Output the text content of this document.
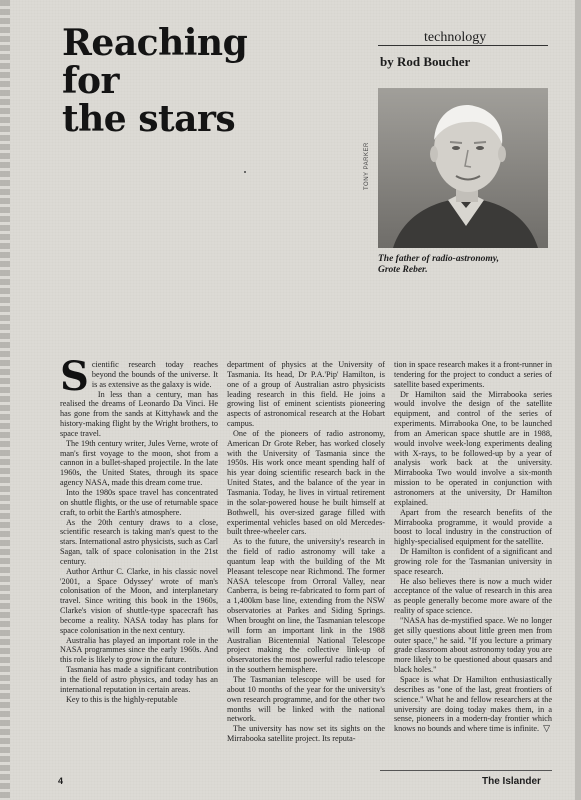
Reaching for
the stars
technology
by Rod Boucher
TONY PARKER
The father of radio-astronomy,
Grote Reber.

Scientific research today reaches beyond the bounds of the universe. It is as extensive as the galaxy is wide.

In less than a century, man has realised the dreams of Leonardo Da Vinci. He has gone from the sands at Kittyhawk and the history-making flight by the Wright brothers, to space travel.

The 19th century writer, Jules Verne, wrote of man's first voyage to the moon, shot from a cannon in a bullet-shaped projectile. In the late 1960s, the United States, through its space agency NASA, made this dream come true.

Into the 1980s space travel has concentrated on shuttle flights, or the use of returnable space craft, to orbit the Earth's atmosphere.

As the 20th century draws to a close, scientific research is taking man's quest to the stars. International astro physicists, such as Carl Sagan, talk of space colonisation in the 21st century.

Author Arthur C. Clarke, in his classic novel '2001, a Space Odyssey' wrote of man's colonisation of the Moon, and interplanetary travel. Since writing this book in the 1960s, Clarke's vision of shuttle-type spacecraft has become a reality. NASA today has plans for space colonisation in the next century.

Australia has played an important role in the NASA programmes since the early 1960s. And this role is likely to grow in the future.

Tasmania has made a significant contribution in the field of astro physics, and today has an international reputation in certain areas.

Key to this is the highly-reputable

department of physics at the University of Tasmania. Its head, Dr P.A.'Pip' Hamilton, is one of a group of Australian astro physicists leading research in this field. He joins a growing list of eminent scientists pioneering aspects of astronomical research at the Hobart campus.

One of the pioneers of radio astronomy, American Dr Grote Reber, has worked closely with the University of Tasmania since the 1950s. His work once meant spending half of his year doing scientific research back in the United States, and the balance of the year in Tasmania. Today, he lives in virtual retirement in the solar-powered house he built himself at Bothwell, his over-sized garage filled with experimental vehicles based on old Mercedes-built three-wheeler cars.

As to the future, the university's research in the field of radio astronomy will take a quantum leap with the building of the Mt Pleasant telescope near Richmond. The former NASA telescope from Orroral Valley, near Canberra, is being re-fabricated to form part of a 1,400km base line, extending from the NSW observatories at Parkes and Siding Springs. When brought on line, the Tasmanian telescope will form an important link in the 1988 Australian Bicentennial National Telescope project making the collective link-up of observatories the most powerful radio telescope in the southern hemisphere.

The Tasmanian telescope will be used for about 10 months of the year for the university's own research programme, and for the other two months will be linked with the national network.

The university has now set its sights on the Mirrabooka satellite project. Its reputa-

tion in space research makes it a front-runner in tendering for the project to conduct a series of satellite based experiments.

Dr Hamilton said the Mirrabooka series would involve the design of the satellite equipment, and control of the series of experiments. Mirrabooka One, to be launched from an American space shuttle are in 1988, would involve week-long experiments dealing with X-rays, to be followed-up by a year of analysis work back at the university. Mirrabooka Two would involve a six-month mission to be operated in conjunction with astronomers at the university, Dr Hamilton explained.

Apart from the research benefits of the Mirrabooka programme, it would provide a boost to local industry in the construction of highly-specialised equipment for the satellite.

Dr Hamilton is confident of a significant and growing role for the Tasmanian university in space research.

He also believes there is now a much wider acceptance of the value of research in this area as people generally become more aware of the reality of space science.

"NASA has de-mystified space. We no longer get silly questions about little green men from outer space," he said. "If you lecture a primary grade classroom about astronomy today you are more likely to be questioned about quasars and black holes."

Space is what Dr Hamilton enthusiastically describes as "one of the last, great frontiers of science." What he and fellow researchers at the university are doing today makes them, in a sense, pioneers in a modern-day frontier which knows no bounds and where time is infinite. ▽

4	The Islander
